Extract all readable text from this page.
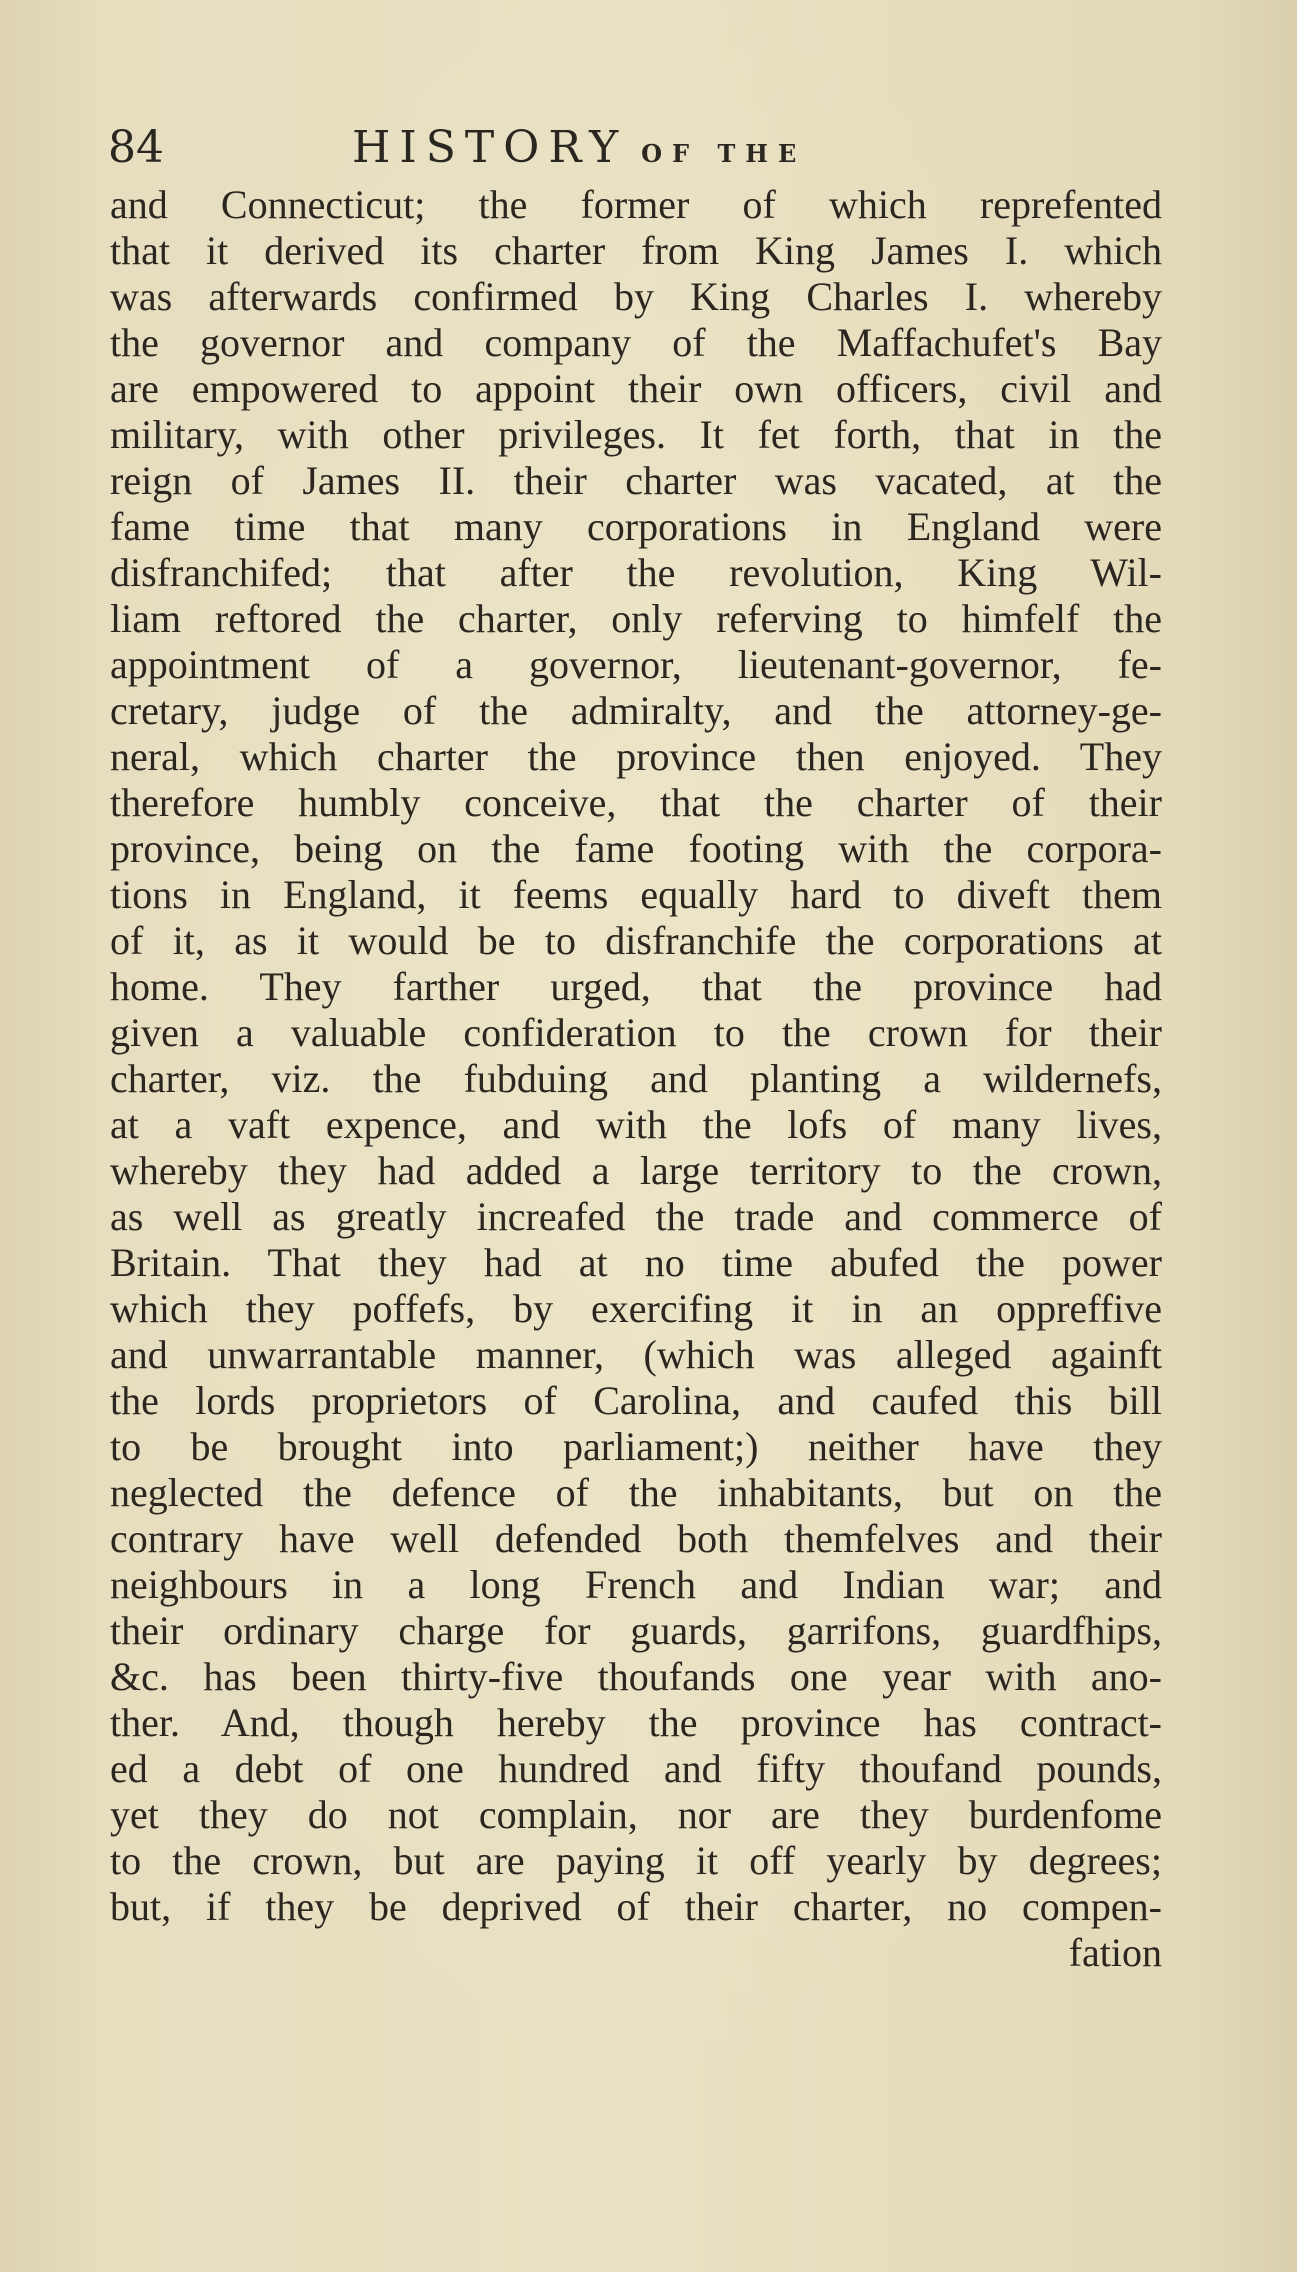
84	HISTORY OF THE
and Connecticut; the former of which reprefented
that it derived its charter from King James I. which
was afterwards confirmed by King Charles I. whereby
the governor and company of the Maffachufet's Bay
are empowered to appoint their own officers, civil and
military, with other privileges. It fet forth, that in the
reign of James II. their charter was vacated, at the
fame time that many corporations in England were
disfranchifed; that after the revolution, King Wil-
liam reftored the charter, only referving to himfelf the
appointment of a governor, lieutenant-governor, fe-
cretary, judge of the admiralty, and the attorney-ge-
neral, which charter the province then enjoyed. They
therefore humbly conceive, that the charter of their
province, being on the fame footing with the corpora-
tions in England, it feems equally hard to diveft them
of it, as it would be to disfranchife the corporations at
home. They farther urged, that the province had
given a valuable confideration to the crown for their
charter, viz. the fubduing and planting a wildernefs,
at a vaft expence, and with the lofs of many lives,
whereby they had added a large territory to the crown,
as well as greatly increafed the trade and commerce of
Britain. That they had at no time abufed the power
which they poffefs, by exercifing it in an oppreffive
and unwarrantable manner, (which was alleged againft
the lords proprietors of Carolina, and caufed this bill
to be brought into parliament;) neither have they
neglected the defence of the inhabitants, but on the
contrary have well defended both themfelves and their
neighbours in a long French and Indian war; and
their ordinary charge for guards, garrifons, guardfhips,
&c. has been thirty-five thoufands one year with ano-
ther. And, though hereby the province has contract-
ed a debt of one hundred and fifty thoufand pounds,
yet they do not complain, nor are they burdenfome
to the crown, but are paying it off yearly by degrees;
but, if they be deprived of their charter, no compen-
fation
